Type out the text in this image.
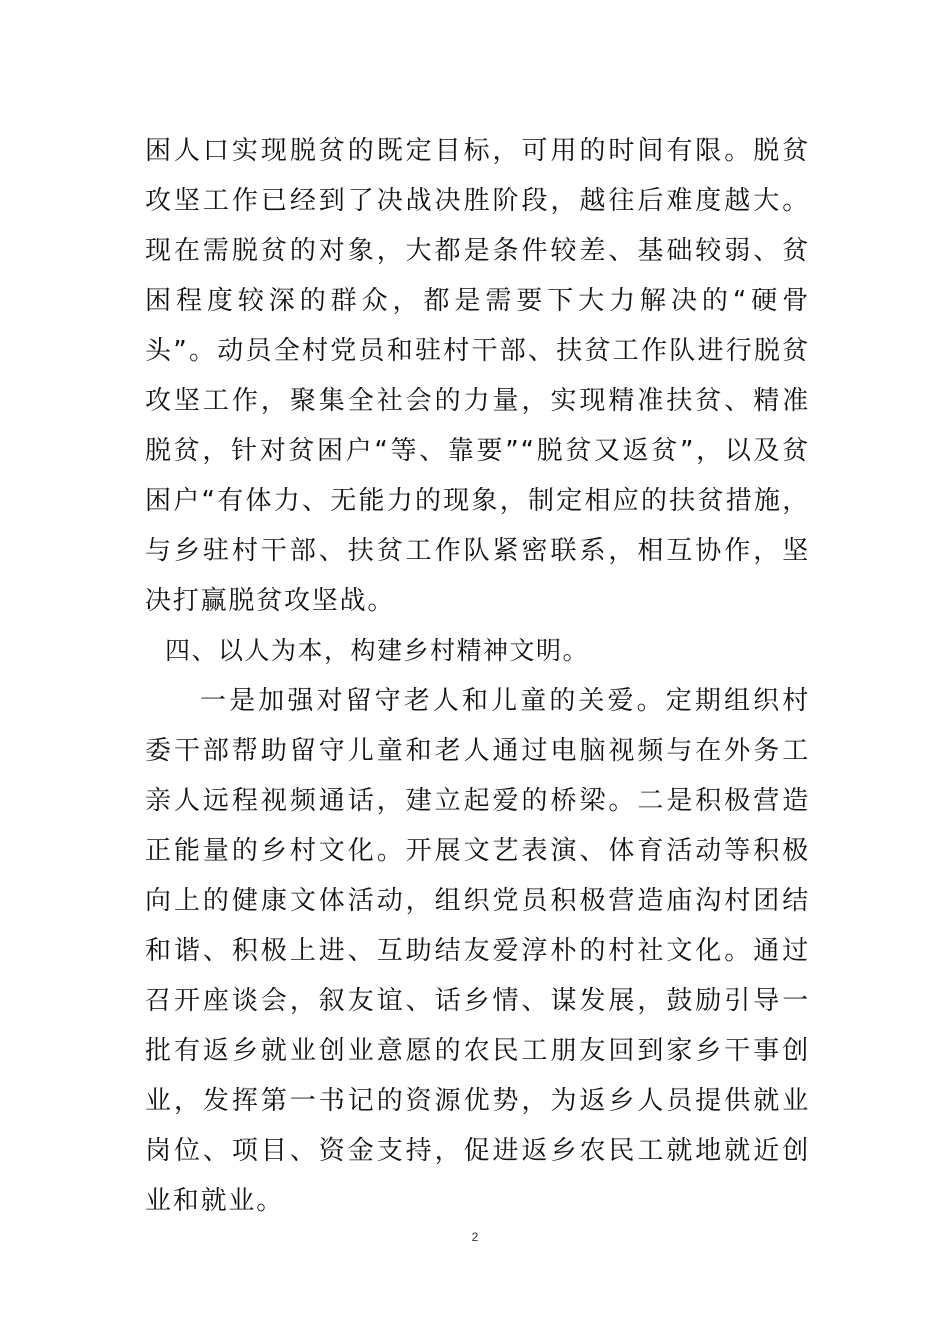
困人口实现脱贫的既定目标，可用的时间有限。脱贫攻坚工作已经到了决战决胜阶段，越往后难度越大。现在需脱贫的对象，大都是条件较差、基础较弱、贫困程度较深的群众，都是需要下大力解决的“硬骨头”。动员全村党员和驻村干部、扶贫工作队进行脱贫攻坚工作，聚集全社会的力量，实现精准扶贫、精准脱贫，针对贫困户“等、靠要”“脱贫又返贫”，以及贫困户“有体力、无能力的现象，制定相应的扶贫措施，与乡驻村干部、扶贫工作队紧密联系，相互协作，坚决打赢脱贫攻坚战。

四、以人为本，构建乡村精神文明。

一是加强对留守老人和儿童的关爱。定期组织村委干部帮助留守儿童和老人通过电脑视频与在外务工亲人远程视频通话，建立起爱的桥梁。二是积极营造正能量的乡村文化。开展文艺表演、体育活动等积极向上的健康文体活动，组织党员积极营造庙沟村团结和谐、积极上进、互助结友爱淳朴的村社文化。通过召开座谈会，叙友谊、话乡情、谋发展，鼓励引导一批有返乡就业创业意愿的农民工朋友回到家乡干事创业，发挥第一书记的资源优势，为返乡人员提供就业岗位、项目、资金支持，促进返乡农民工就地就近创业和就业。

2
